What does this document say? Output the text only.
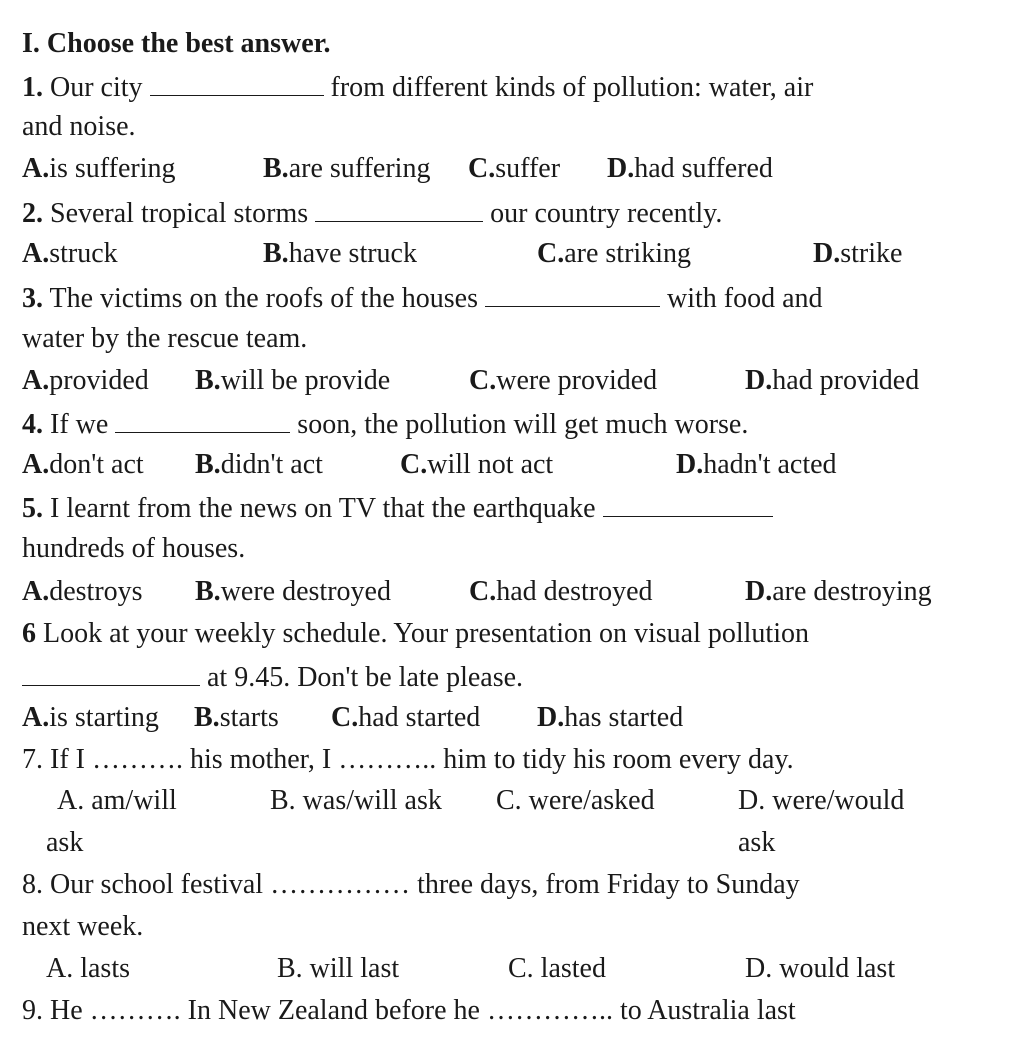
I. Choose the best answer.
1. Our city	from different kinds of pollution: water, air
and noise.
A.is suffering	B.are suffering C.suffer D.had suffered
2. Several tropical storms	our country recently.
A.struck	B.have struck	C.are striking	D.strike
3. The victims on the roofs of the houses	with food and
water by the rescue team.
A.provided B.will be provide	C.were provided	D.had provided
4. If we	soon, the pollution will get much worse.
A.don't act B.didn't act	C.will not act	D.hadn't acted
5. I learnt from the news on TV that the earthquake
hundreds of houses.
A.destroys B.were destroyed	C.had destroyed	D.are destroying
6 Look at your weekly schedule. Your presentation on visual pollution
at 9.45. Don't be late please.
A.is starting B.starts C.had started D.has started
7. If I ………. his mother, I ……….. him to tidy his room every day.
A. am/will	B. was/will ask C. were/asked	D. were/would
ask	ask
8. Our school festival …………… three days, from Friday to Sunday
next week.
A. lasts	B. will last	C. lasted	D. would last
9. He ………. In New Zealand before he ………….. to Australia last
